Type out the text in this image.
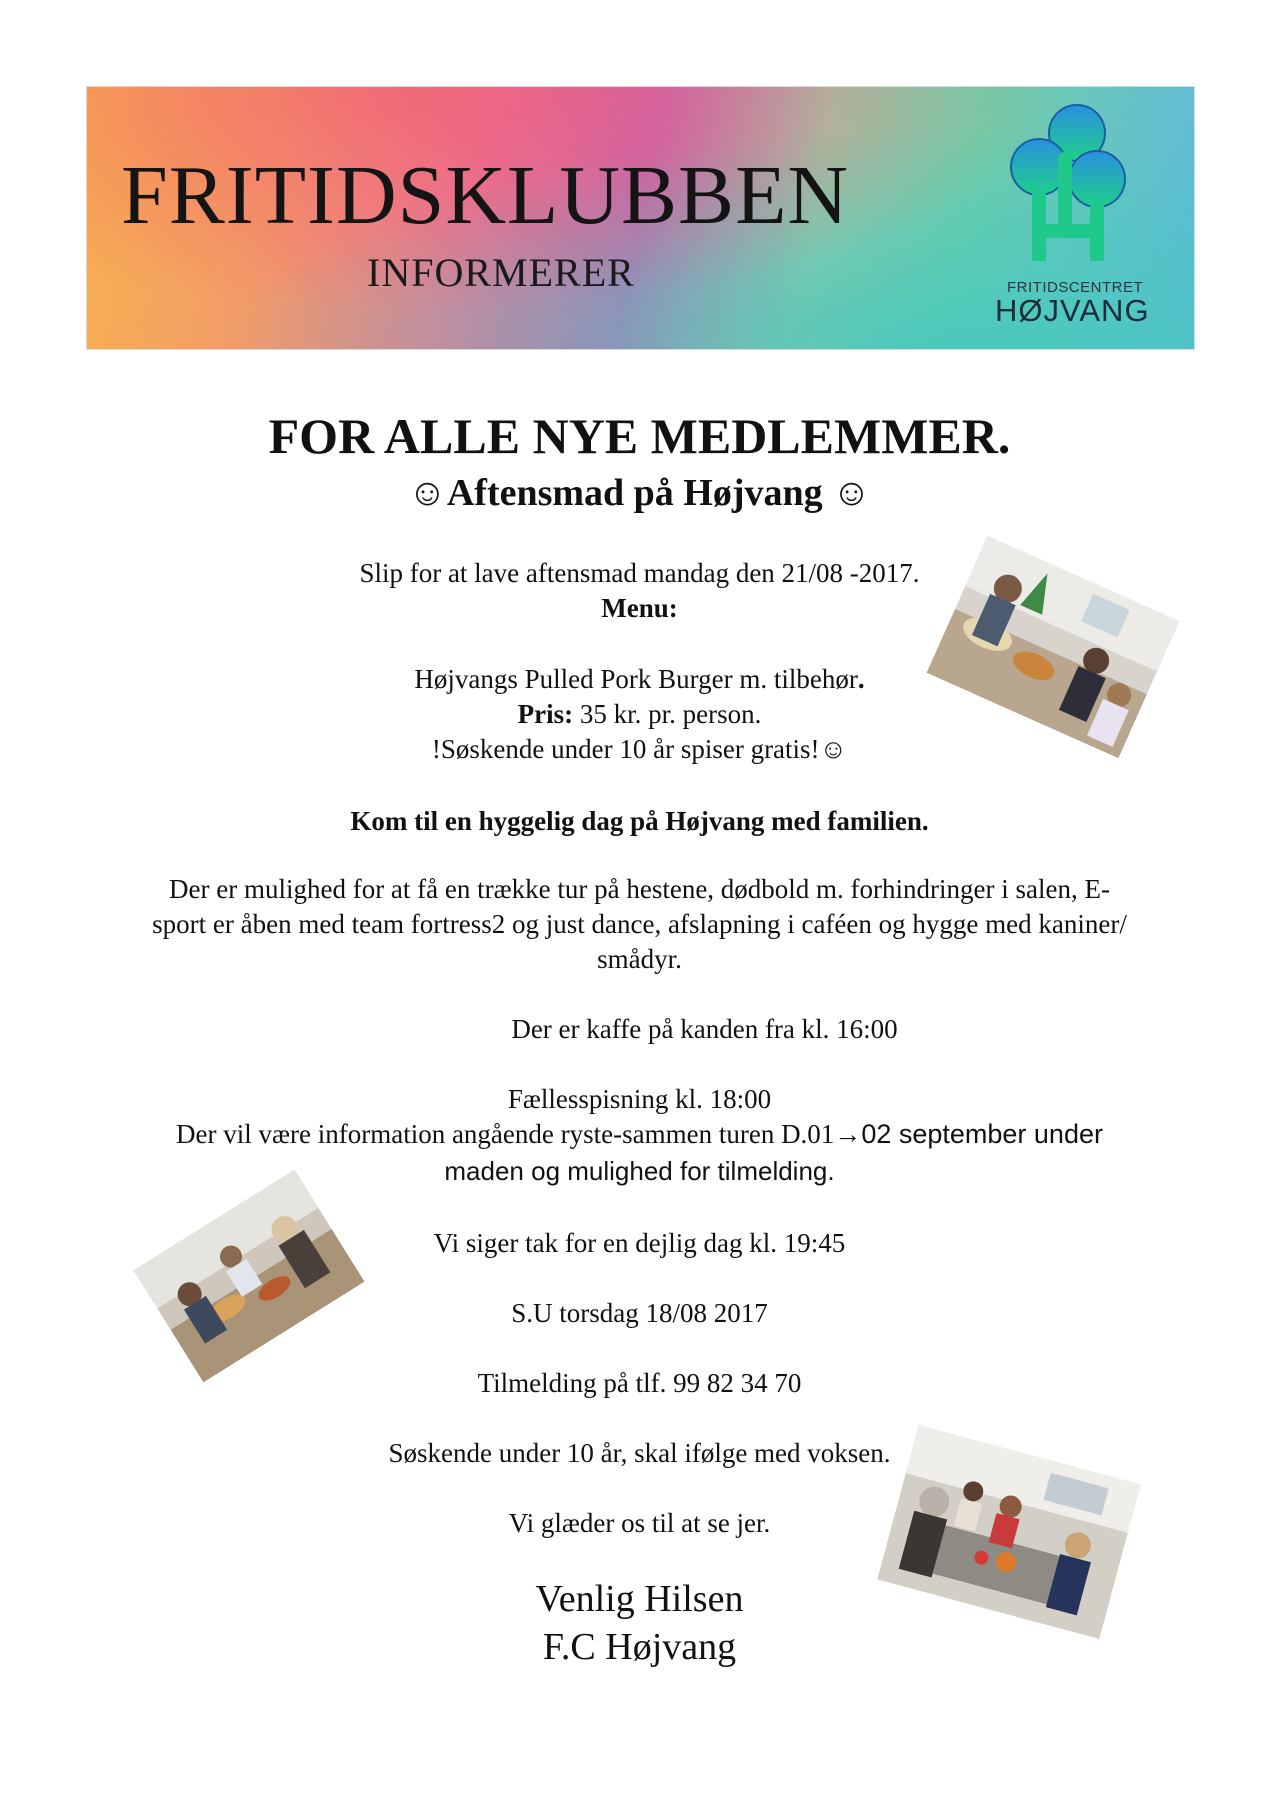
FRITIDSKLUBBEN
INFORMERER	FRITIDSCENTRET
HØJVANG
FOR ALLE NYE MEDLEMMER.
☺Aftensmad på Højvang ☺
Slip for at lave aftensmad mandag den 21/08 -2017.
Menu:
Højvangs Pulled Pork Burger m. tilbehør.
Pris: 35 kr. pr. person.
!Søskende under 10 år spiser gratis!☺
Kom til en hyggelig dag på Højvang med familien.
Der er mulighed for at få en trække tur på hestene, dødbold m. forhindringer i salen, E-
sport er åben med team fortress2 og just dance, afslapning i caféen og hygge med kaniner/
smådyr.
Der er kaffe på kanden fra kl. 16:00
Fællesspisning kl. 18:00
Der vil være information angående ryste-sammen turen D.01→02 september under
maden og mulighed for tilmelding.
Vi siger tak for en dejlig dag kl. 19:45
S.U torsdag 18/08 2017
Tilmelding på tlf. 99 82 34 70
Søskende under 10 år, skal ifølge med voksen.
Vi glæder os til at se jer.
Venlig Hilsen
F.C Højvang
